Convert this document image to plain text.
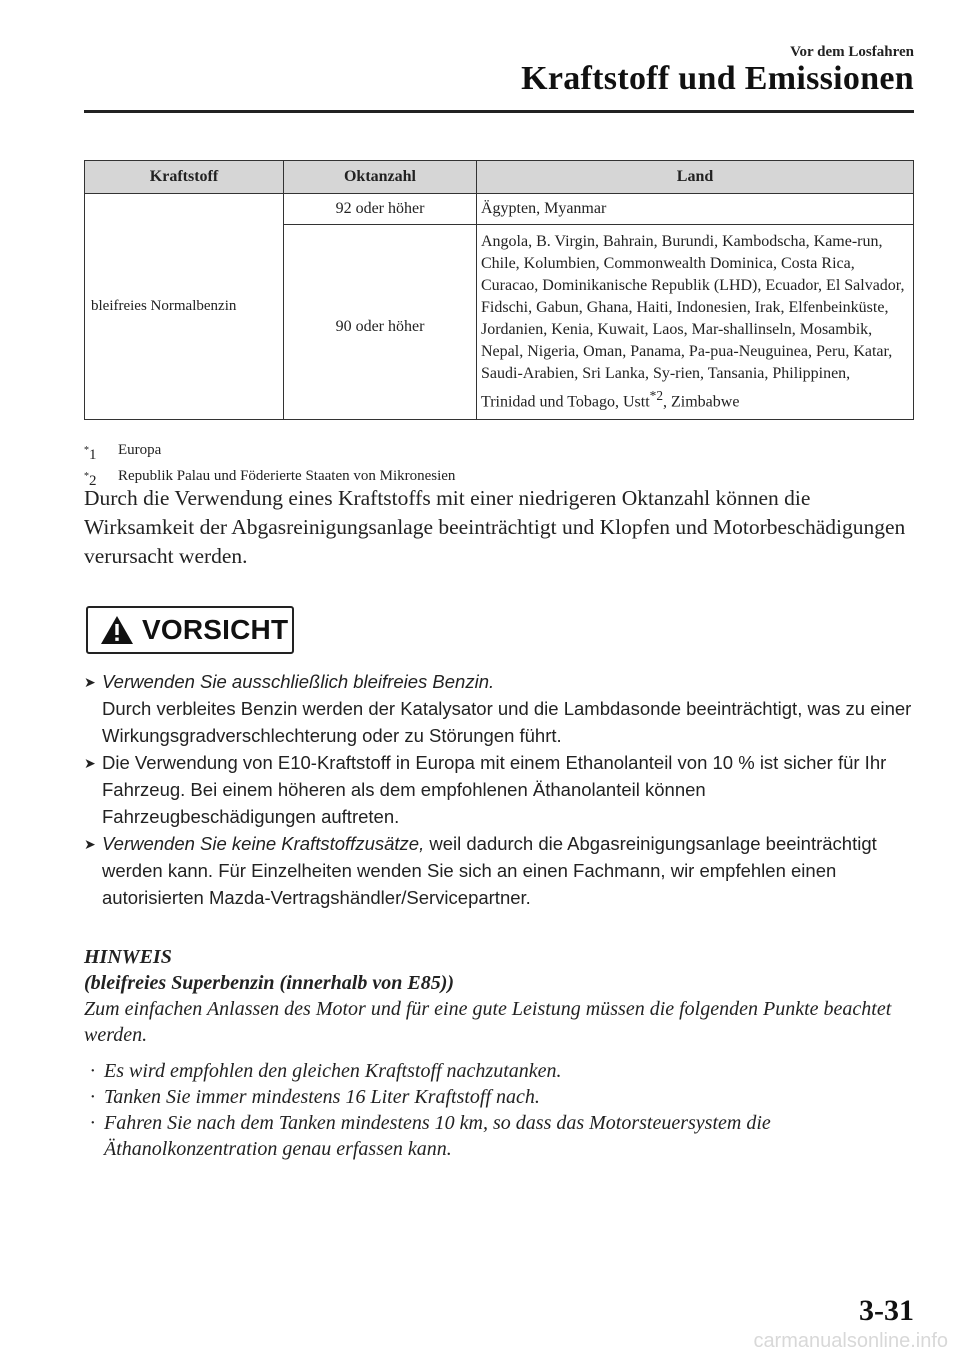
Vor dem Losfahren
Kraftstoff und Emissionen
Kraftstoff	Oktanzahl	Land
bleifreies Normalbenzin	92 oder höher	Ägypten, Myanmar
	90 oder höher	Angola, B. Virgin, Bahrain, Burundi, Kambodscha, Kame-run, Chile, Kolumbien, Commonwealth Dominica, Costa Rica, Curacao, Dominikanische Republik (LHD), Ecuador, El Salvador, Fidschi, Gabun, Ghana, Haiti, Indonesien, Irak, Elfenbeinküste, Jordanien, Kenia, Kuwait, Laos, Mar-shallinseln, Mosambik, Nepal, Nigeria, Oman, Panama, Pa-pua-Neuguinea, Peru, Katar, Saudi-Arabien, Sri Lanka, Sy-rien, Tansania, Philippinen, Trinidad und Tobago, Ustt$^{*2}$, Zimbabwe
*1	Europa
*2	Republik Palau und Föderierte Staaten von Mikronesien
Durch die Verwendung eines Kraftstoffs mit einer niedrigeren Oktanzahl können die Wirksamkeit der Abgasreinigungsanlage beeinträchtigt und Klopfen und Motorbeschädigungen verursacht werden.
VORSICHT
➤ Verwenden Sie ausschließlich bleifreies Benzin.
Durch verbleites Benzin werden der Katalysator und die Lambdasonde beeinträchtigt, was zu einer Wirkungsgradverschlechterung oder zu Störungen führt.
➤ Die Verwendung von E10-Kraftstoff in Europa mit einem Ethanolanteil von 10 % ist sicher für Ihr Fahrzeug. Bei einem höheren als dem empfohlenen Äthanolanteil können Fahrzeugbeschädigungen auftreten.
➤ Verwenden Sie keine Kraftstoffzusätze, weil dadurch die Abgasreinigungsanlage beeinträchtigt werden kann. Für Einzelheiten wenden Sie sich an einen Fachmann, wir empfehlen einen autorisierten Mazda-Vertragshändler/Servicepartner.
HINWEIS
(bleifreies Superbenzin (innerhalb von E85))
Zum einfachen Anlassen des Motor und für eine gute Leistung müssen die folgenden Punkte beachtet werden.
· Es wird empfohlen den gleichen Kraftstoff nachzutanken.
· Tanken Sie immer mindestens 16 Liter Kraftstoff nach.
· Fahren Sie nach dem Tanken mindestens 10 km, so dass das Motorsteuersystem die Äthanolkonzentration genau erfassen kann.
3-31
carmanualsonline.info
